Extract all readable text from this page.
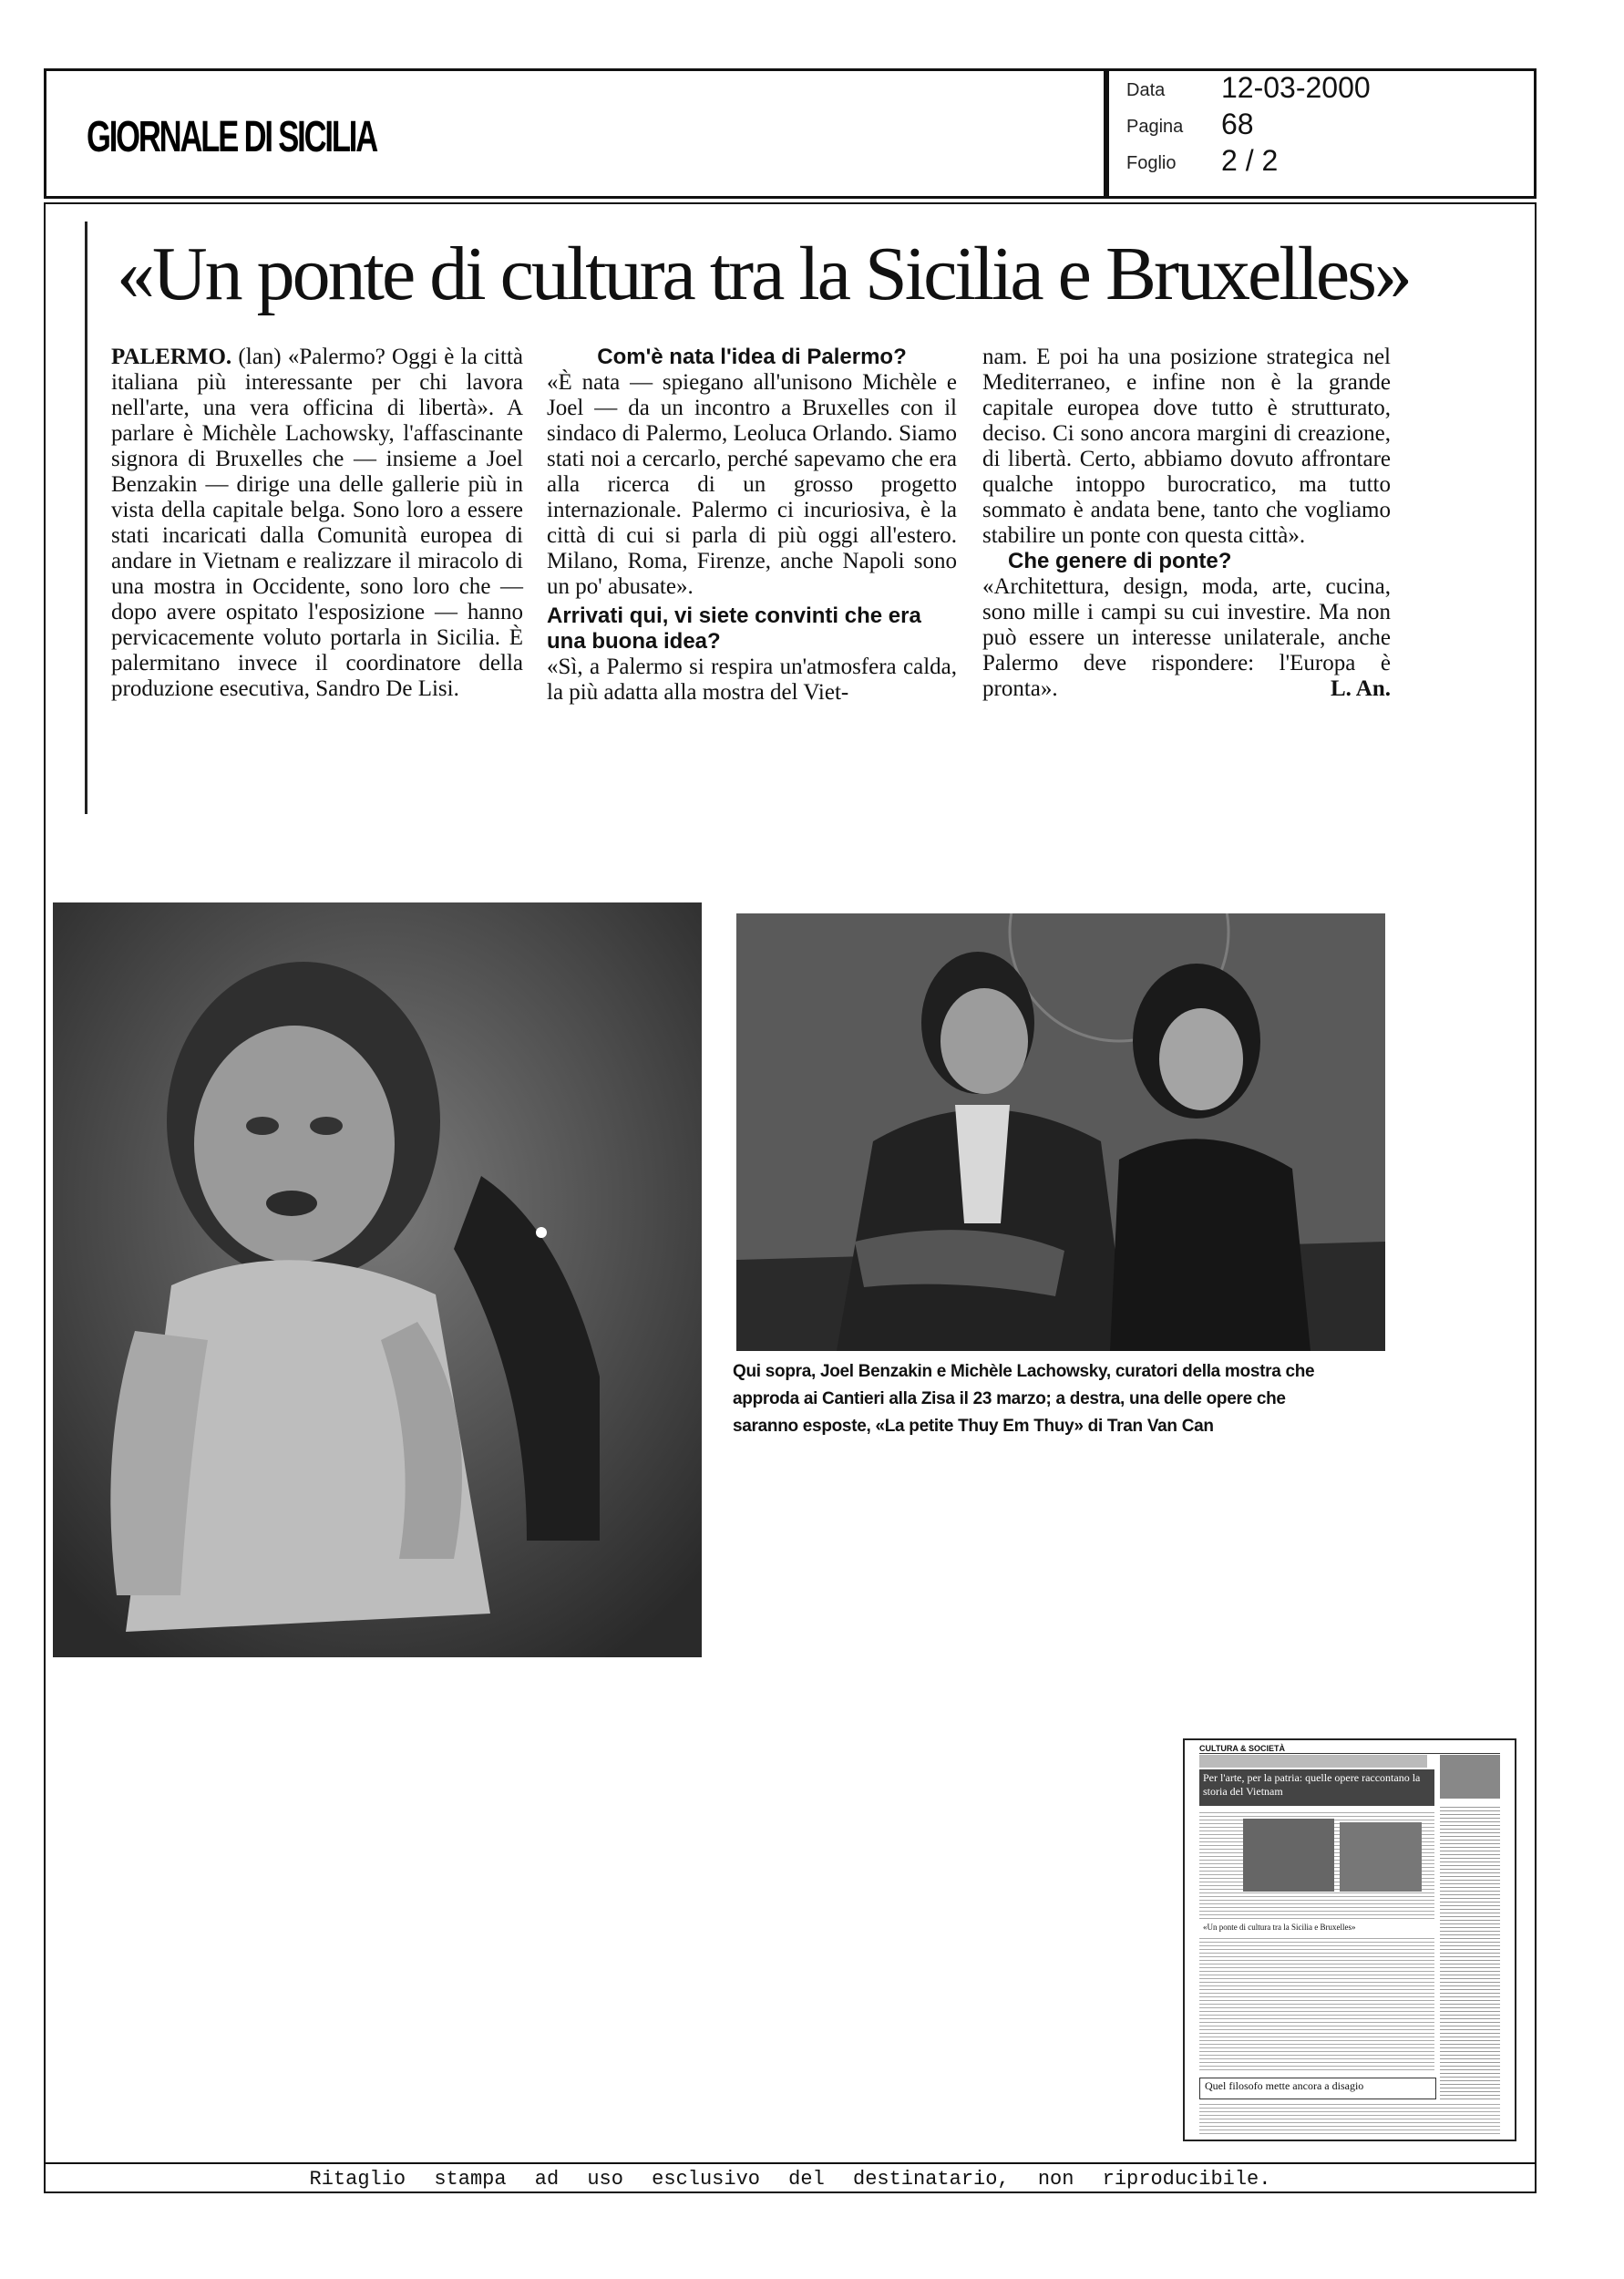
GIORNALE DI SICILIA
Data 12-03-2000
Pagina 68
Foglio 2 / 2
«Un ponte di cultura tra la Sicilia e Bruxelles»

PALERMO. (lan) «Palermo? Oggi è la città italiana più interessante per chi lavora nell'arte, una vera officina di libertà». A parlare è Michèle Lachowsky, l'affascinante signora di Bruxelles che — insieme a Joel Benzakin — dirige una delle gallerie più in vista della capitale belga. Sono loro a essere stati incaricati dalla Comunità europea di andare in Vietnam e realizzare il miracolo di una mostra in Occidente, sono loro che — dopo avere ospitato l'esposizione — hanno pervicacemente voluto portarla in Sicilia. È palermitano invece il coordinatore della produzione esecutiva, Sandro De Lisi.

Com'è nata l'idea di Palermo?

«È nata — spiegano all'unisono Michèle e Joel — da un incontro a Bruxelles con il sindaco di Palermo, Leoluca Orlando. Siamo stati noi a cercarlo, perché sapevamo che era alla ricerca di un grosso progetto internazionale. Palermo ci incuriosiva, è la città di cui si parla di più oggi all'estero. Milano, Roma, Firenze, anche Napoli sono un po' abusate».

Arrivati qui, vi siete convinti che era una buona idea?

«Sì, a Palermo si respira un'atmosfera calda, la più adatta alla mostra del Viet-

nam. E poi ha una posizione strategica nel Mediterraneo, e infine non è la grande capitale europea dove tutto è strutturato, deciso. Ci sono ancora margini di creazione, di libertà. Certo, abbiamo dovuto affrontare qualche intoppo burocratico, ma tutto sommato è andata bene, tanto che vogliamo stabilire un ponte con questa città».

Che genere di ponte?

«Architettura, design, moda, arte, cucina, sono mille i campi su cui investire. Ma non può essere un interesse unilaterale, anche Palermo deve rispondere: l'Europa è pronta».	L. An.

Qui sopra, Joel Benzakin e Michèle Lachowsky, curatori della mostra che approda ai Cantieri alla Zisa il 23 marzo; a destra, una delle opere che saranno esposte, «La petite Thuy Em Thuy» di Tran Van Can
CULTURA & SOCIETÀ
Per l'arte, per la patria: quelle opere raccontano la storia del Vietnam
«Un ponte di cultura tra la Sicilia e Bruxelles»
Quel filosofo mette ancora a disagio
Ritaglio stampa ad uso esclusivo del destinatario, non riproducibile.
